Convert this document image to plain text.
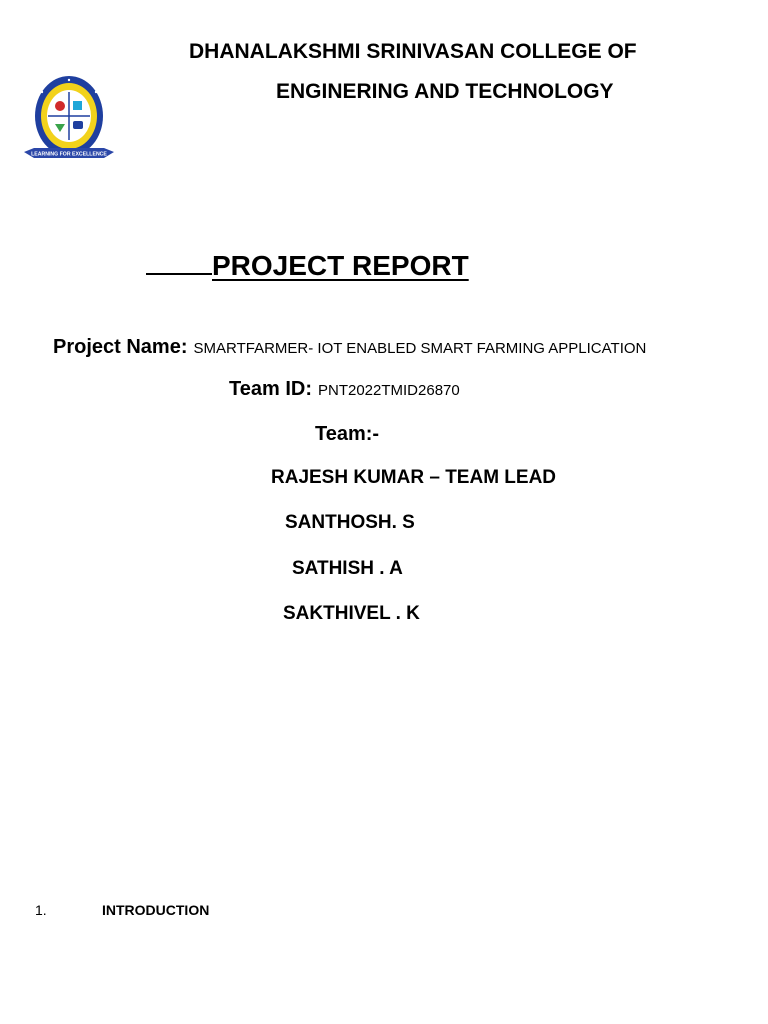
LEARNING FOR EXCELLENCE
DHANALAKSHMI SRINIVASAN COLLEGE OF
ENGINERING AND TECHNOLOGY
PROJECT REPORT
Project Name: SMARTFARMER- IOT ENABLED SMART FARMING APPLICATION
Team ID: PNT2022TMID26870
Team:-
RAJESH KUMAR – TEAM LEAD
SANTHOSH. S
SATHISH . A
SAKTHIVEL . K
1.	INTRODUCTION
